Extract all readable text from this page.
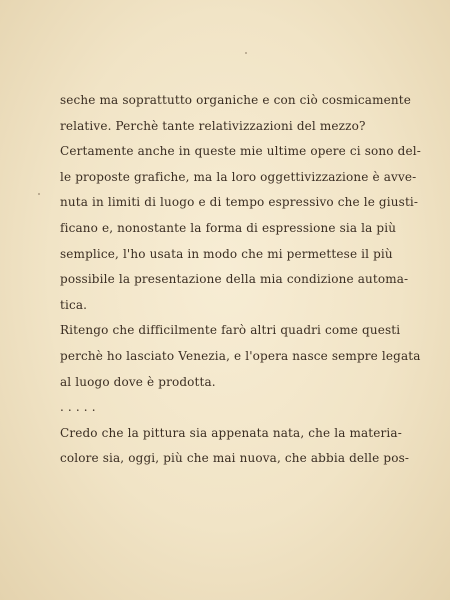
seche ma soprattutto organiche e con ciò cosmicamente
relative. Perchè tante relativizzazioni del mezzo?
Certamente anche in queste mie ultime opere ci sono del-
le proposte grafiche, ma la loro oggettivizzazione è avve-
nuta in limiti di luogo e di tempo espressivo che le giusti-
ficano e, nonostante la forma di espressione sia la più
semplice, l'ho usata in modo che mi permettese il più
possibile la presentazione della mia condizione automa-
tica.
Ritengo che difficilmente farò altri quadri come questi
perchè ho lasciato Venezia, e l'opera nasce sempre legata
al luogo dove è prodotta.
. . . . .
Credo che la pittura sia appenata nata, che la materia-
colore sia, oggi, più che mai nuova, che abbia delle pos-
